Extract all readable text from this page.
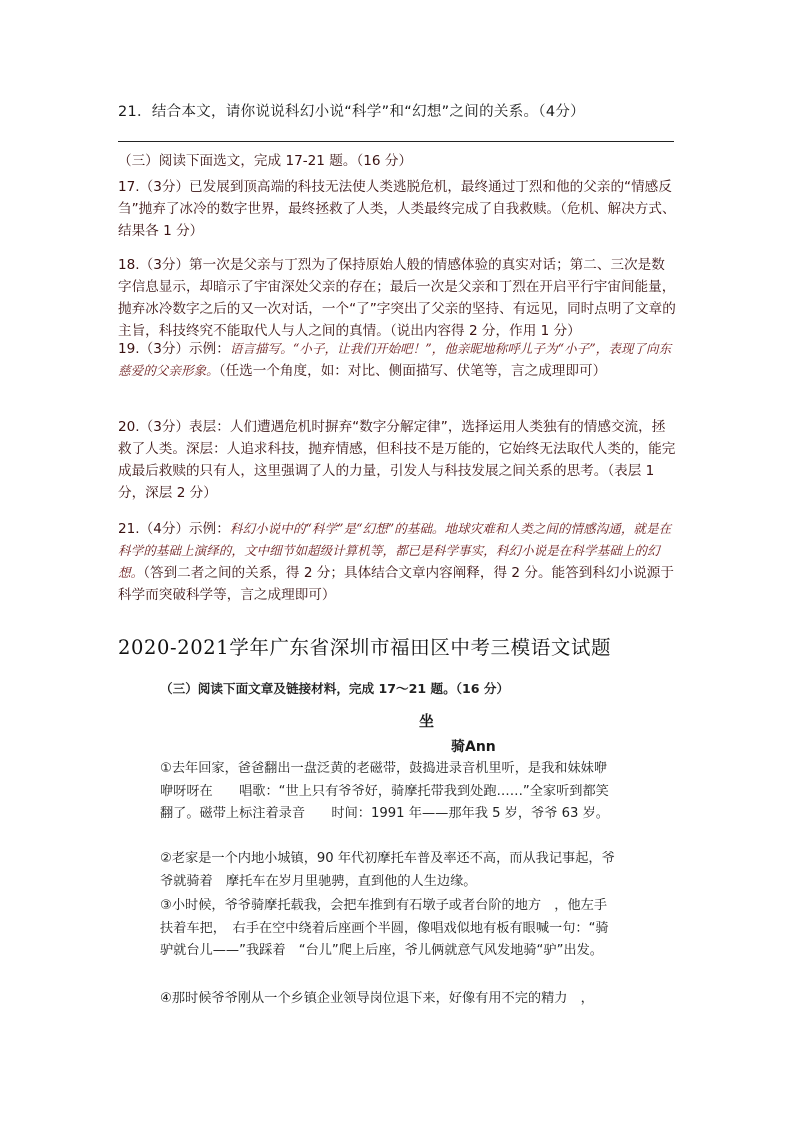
21．结合本文，请你说说科幻小说“科学”和“幻想”之间的关系。（4分）
（三）阅读下面选文，完成 17-21 题。（16 分）
17.（3分）已发展到顶高端的科技无法使人类逃脱危机，最终通过丁烈和他的父亲的“情感反刍”抛弃了冰冷的数字世界，最终拯救了人类，人类最终完成了自我救赎。（危机、解决方式、结果各 1 分）
18.（3分）第一次是父亲与丁烈为了保持原始人般的情感体验的真实对话；第二、三次是数字信息显示，却暗示了宇宙深处父亲的存在；最后一次是父亲和丁烈在开启平行宇宙间能量，抛弃冰冷数字之后的又一次对话，一个“了”字突出了父亲的坚持、有远见，同时点明了文章的主旨，科技终究不能取代人与人之间的真情。（说出内容得 2 分，作用 1 分）
19.（3分）示例：语言描写。“小子，让我们开始吧！”，他亲昵地称呼儿子为“小子”，表现了向东慈爱的父亲形象。（任选一个角度，如：对比、侧面描写、伏笔等，言之成理即可）
20.（3分）表层：人们遭遇危机时摒弃“数字分解定律”，选择运用人类独有的情感交流，拯救了人类。深层：人追求科技，抛弃情感，但科技不是万能的，它始终无法取代人类的，能完成最后救赎的只有人，这里强调了人的力量，引发人与科技发展之间关系的思考。（表层 1 分，深层 2 分）
21.（4分）示例：科幻小说中的“科学”是“幻想”的基础。地球灾难和人类之间的情感沟通，就是在科学的基础上演绎的，文中细节如超级计算机等，都已是科学事实，科幻小说是在科学基础上的幻想。（答到二者之间的关系，得 2 分；具体结合文章内容阐释，得 2 分。能答到科幻小说源于科学而突破科学等，言之成理即可）
2020-2021学年广东省深圳市福田区中考三模语文试题
（三）阅读下面文章及链接材料，完成 17～21 题。（16 分）
坐
骑Ann

①去年回家，爸爸翻出一盘泛黄的老磁带，鼓捣进录音机里听，是我和妹妹咿咿呀呀在　　唱歌：“世上只有爷爷好，骑摩托带我到处跑……”全家听到都笑翻了。磁带上标注着录音　　时间：1991 年——那年我 5 岁，爷爷 63 岁。

②老家是一个内地小城镇，90 年代初摩托车普及率还不高，而从我记事起，爷爷就骑着　摩托车在岁月里驰骋，直到他的人生边缘。

③小时候，爷爷骑摩托载我，会把车推到有石墩子或者台阶的地方　，他左手扶着车把，　右手在空中绕着后座画个半圆，像唱戏似地有板有眼喊一句：“骑驴就台儿——”我踩着　“台儿”爬上后座，爷儿俩就意气风发地骑“驴”出发。

④那时候爷爷刚从一个乡镇企业领导岗位退下来，好像有用不完的精力　，
